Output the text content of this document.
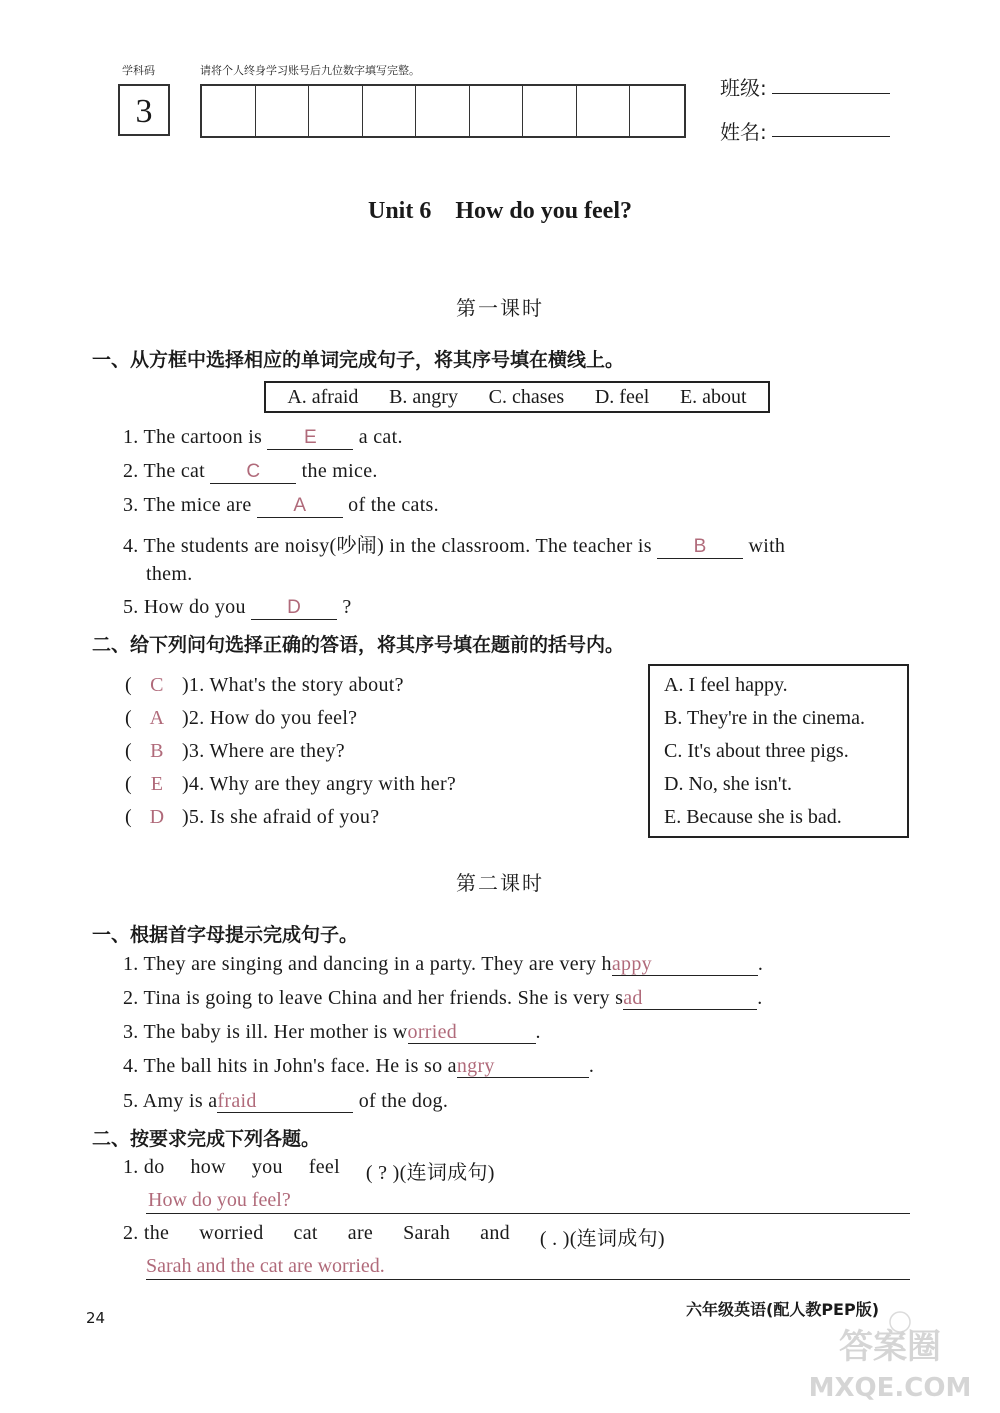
学科码	请将个人终身学习账号后九位数字填写完整。
3
班级:
姓名:
Unit 6    How do you feel?
第一课时
一、从方框中选择相应的单词完成句子，将其序号填在横线上。
A. afraid B. angry C. chases D. feel E. about
1. The cartoon is E a cat.
2. The cat C the mice.
3. The mice are A of the cats.
4. The students are noisy(吵闹) in the classroom. The teacher is B with
them.
5. How do you D ?
二、给下列问句选择正确的答语，将其序号填在题前的括号内。
( C )1. What's the story about?
( A )2. How do you feel?
( B )3. Where are they?
( E )4. Why are they angry with her?
( D )5. Is she afraid of you?
A. I feel happy.
B. They're in the cinema.
C. It's about three pigs.
D. No, she isn't.
E. Because she is bad.
第二课时
一、根据首字母提示完成句子。
1. They are singing and dancing in a party. They are very happy	.
2. Tina is going to leave China and her friends. She is very sad	.
3. The baby is ill. Her mother is worried	.
4. The ball hits in John's face. He is so angry	.
5. Amy is afraid	of the dog.
二、按要求完成下列各题。
1. do how you feel ( ? )(连词成句)
How do you feel?
2. the worried cat are Sarah and ( . )(连词成句)
Sarah and the cat are worried.
24	六年级英语(配人教PEP版)
答案圈
MXQE.COM
